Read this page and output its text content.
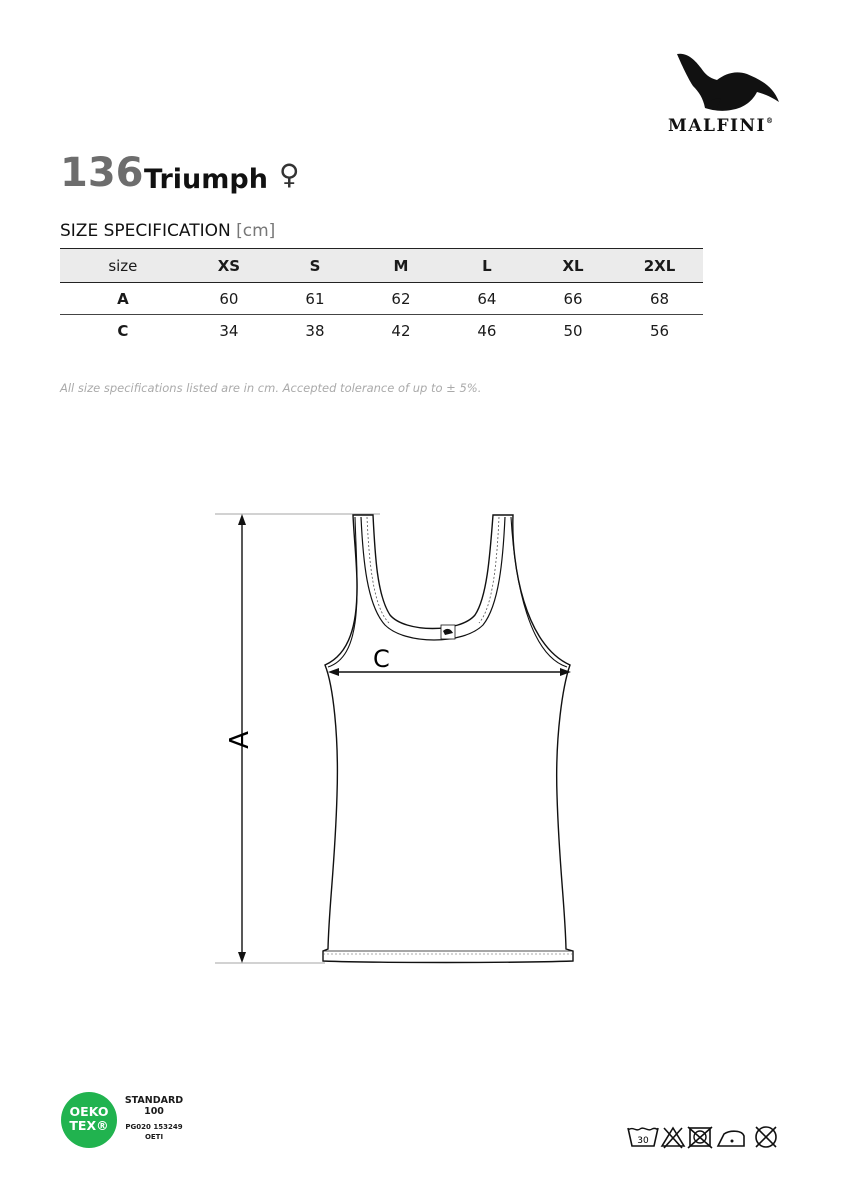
MALFINI®
136 Triumph ♀
SIZE SPECIFICATION [cm]
size	XS	S	M	L	XL	2XL
A	60	61	62	64	66	68
C	34	38	42	46	50	56
All size specifications listed are in cm. Accepted tolerance of up to ± 5%.
A
C
OEKO
TEX®
STANDARD
100
PG020 153249
OETI	30
